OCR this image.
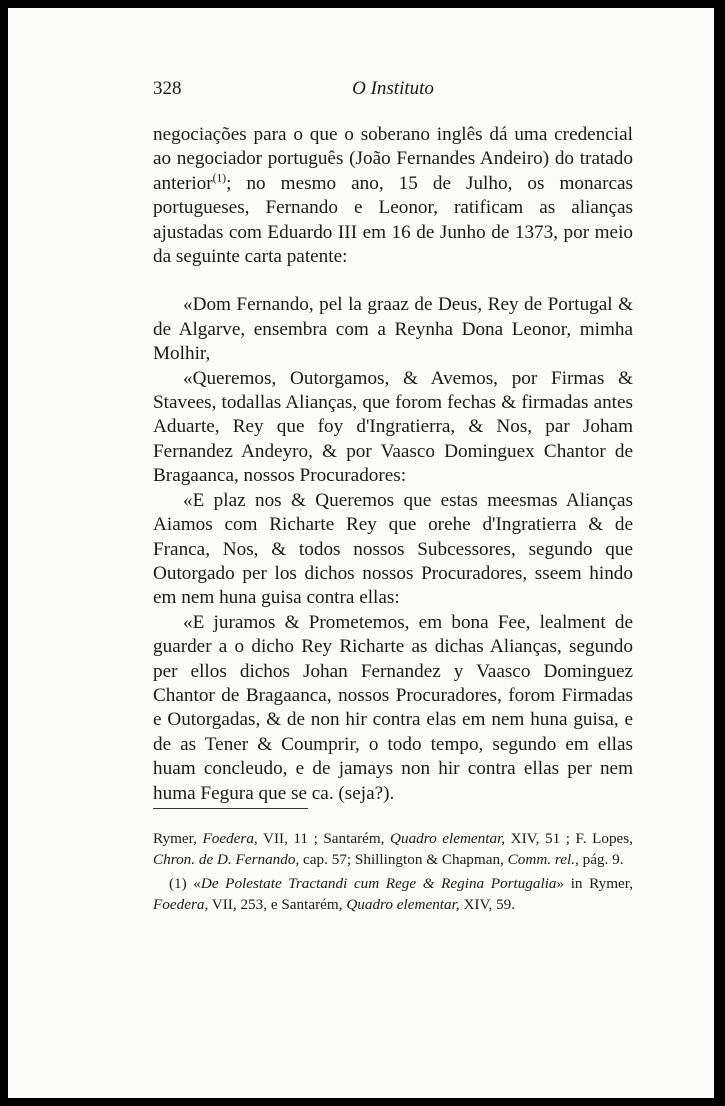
328	O Instituto

negociações para o que o soberano inglês dá uma credencial ao negociador português (João Fernandes Andeiro) do tratado anterior$^{(1)}$; no mesmo ano, 15 de Julho, os monarcas portugueses, Fernando e Leonor, ratificam as alianças ajustadas com Eduardo III em 16 de Junho de 1373, por meio da seguinte carta patente:

«Dom Fernando, pel la graaz de Deus, Rey de Portugal & de Algarve, ensembra com a Reynha Dona Leonor, mimha Molhir,

«Queremos, Outorgamos, & Avemos, por Firmas & Stavees, todallas Alianças, que forom fechas & firmadas antes Aduarte, Rey que foy d'Ingratierra, & Nos, par Joham Fernandez Andeyro, & por Vaasco Dominguex Chantor de Bragaanca, nossos Procuradores:

«E plaz nos & Queremos que estas meesmas Alianças Aiamos com Richarte Rey que orehe d'Ingratierra & de Franca, Nos, & todos nossos Subcessores, segundo que Outorgado per los dichos nossos Procuradores, sseem hindo em nem huna guisa contra ellas:

«E juramos & Prometemos, em bona Fee, lealment de guarder a o dicho Rey Richarte as dichas Alianças, segundo per ellos dichos Johan Fernandez y Vaasco Dominguez Chantor de Bragaanca, nossos Procuradores, forom Firmadas e Outorgadas, & de non hir contra elas em nem huna guisa, e de as Tener & Coumprir, o todo tempo, segundo em ellas huam concleudo, e de jamays non hir contra ellas per nem huma Fegura que se ca. (seja?).

Rymer, Foedera, VII, 11 ; Santarém, Quadro elementar, XIV, 51 ; F. Lopes, Chron. de D. Fernando, cap. 57; Shillington & Chapman, Comm. rel., pág. 9.

(1) «De Polestate Tractandi cum Rege & Regina Portugalia» in Rymer, Foedera, VII, 253, e Santarém, Quadro elementar, XIV, 59.
